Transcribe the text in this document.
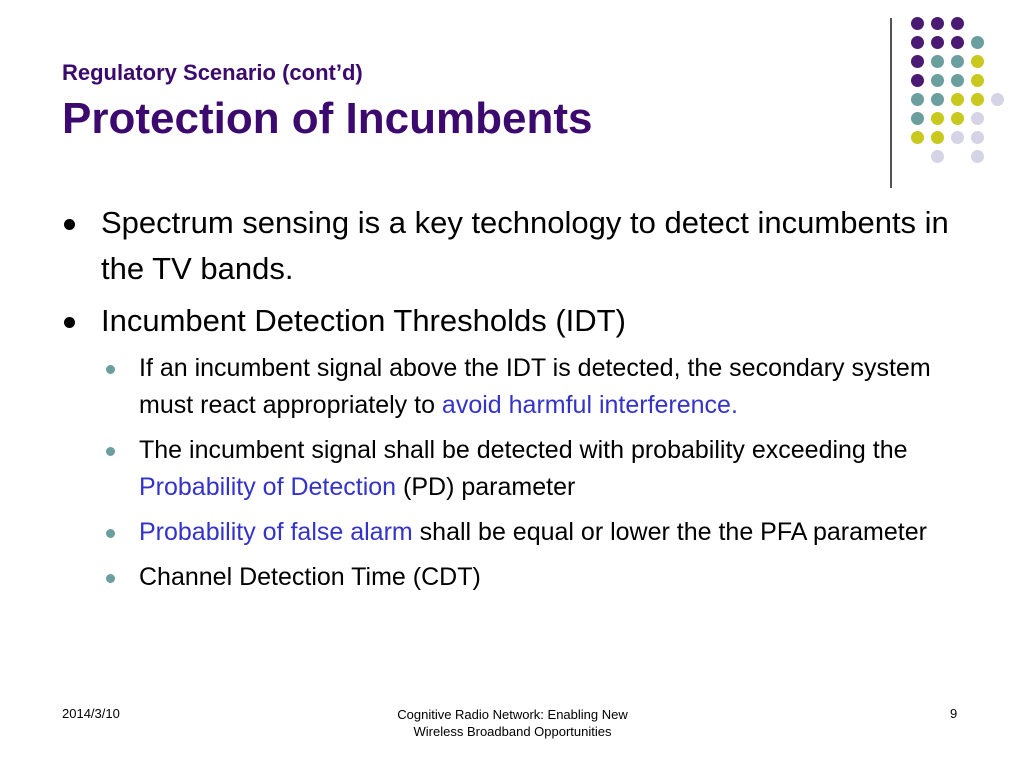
Regulatory Scenario (cont’d)
Protection of Incumbents
Spectrum sensing is a key technology to detect incumbents in the TV bands.
Incumbent Detection Thresholds (IDT)
If an incumbent signal above the IDT is detected, the secondary system must react appropriately to avoid harmful interference.
The incumbent signal shall be detected with probability exceeding the Probability of Detection (PD) parameter
Probability of false alarm shall be equal or lower the the PFA parameter
Channel Detection Time (CDT)
2014/3/10	Cognitive Radio Network: Enabling New
Wireless Broadband Opportunities
9
